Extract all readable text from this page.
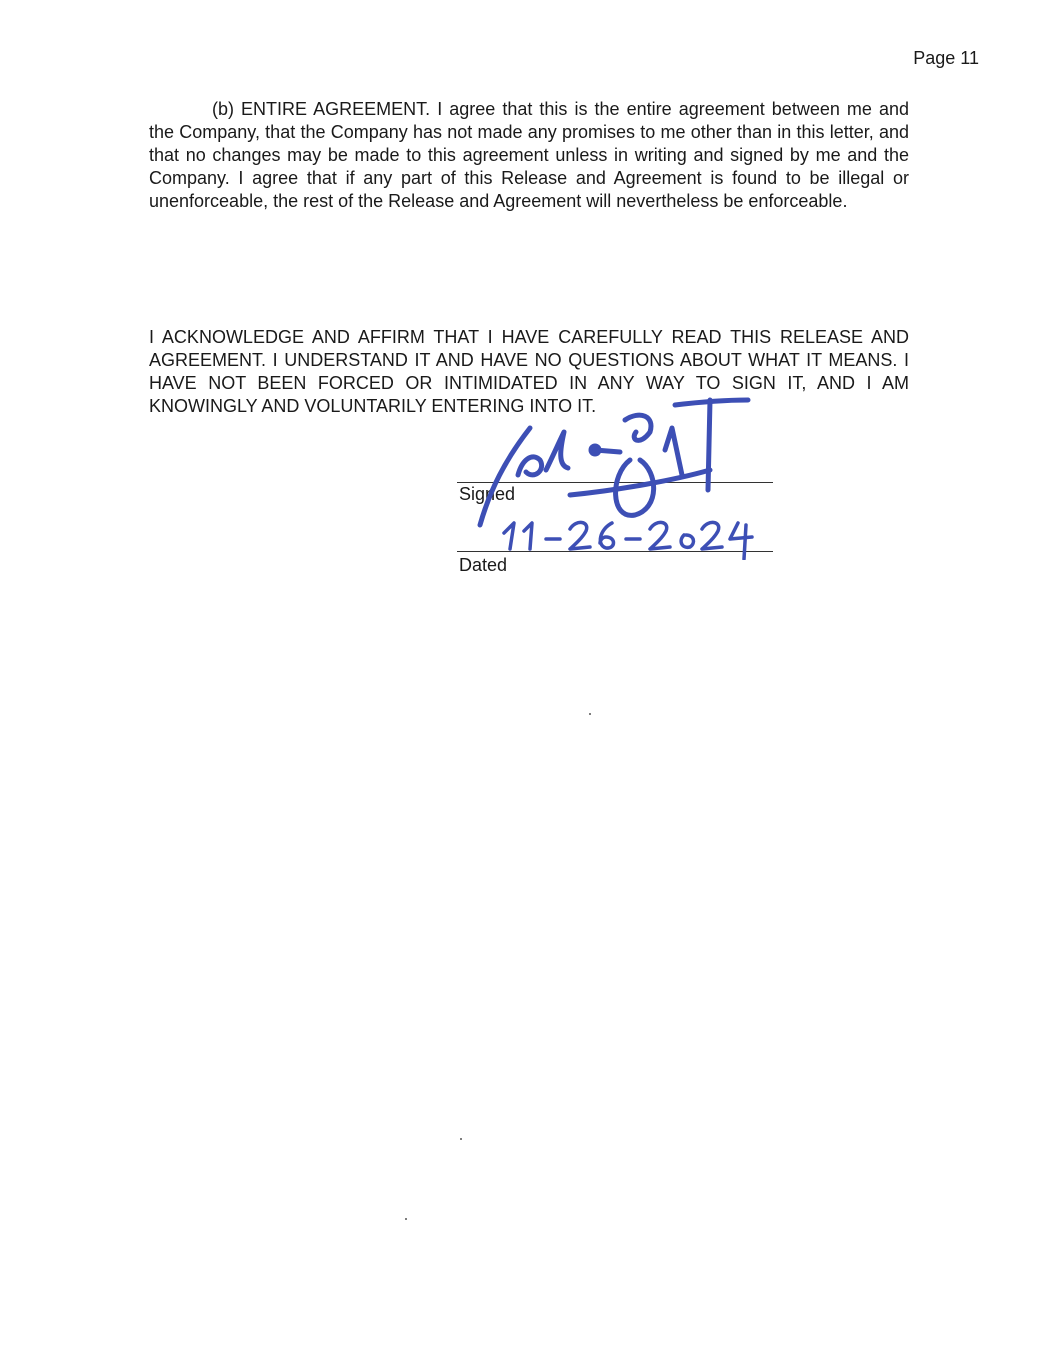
Page 11

(b) ENTIRE AGREEMENT. I agree that this is the entire agreement between me and the Company, that the Company has not made any promises to me other than in this letter, and that no changes may be made to this agreement unless in writing and signed by me and the Company. I agree that if any part of this Release and Agreement is found to be illegal or unenforceable, the rest of the Release and Agreement will nevertheless be enforceable.

I ACKNOWLEDGE AND AFFIRM THAT I HAVE CAREFULLY READ THIS RELEASE AND AGREEMENT. I UNDERSTAND IT AND HAVE NO QUESTIONS ABOUT WHAT IT MEANS. I HAVE NOT BEEN FORCED OR INTIMIDATED IN ANY WAY TO SIGN IT, AND I AM KNOWINGLY AND VOLUNTARILY ENTERING INTO IT.

Signed
Dated
